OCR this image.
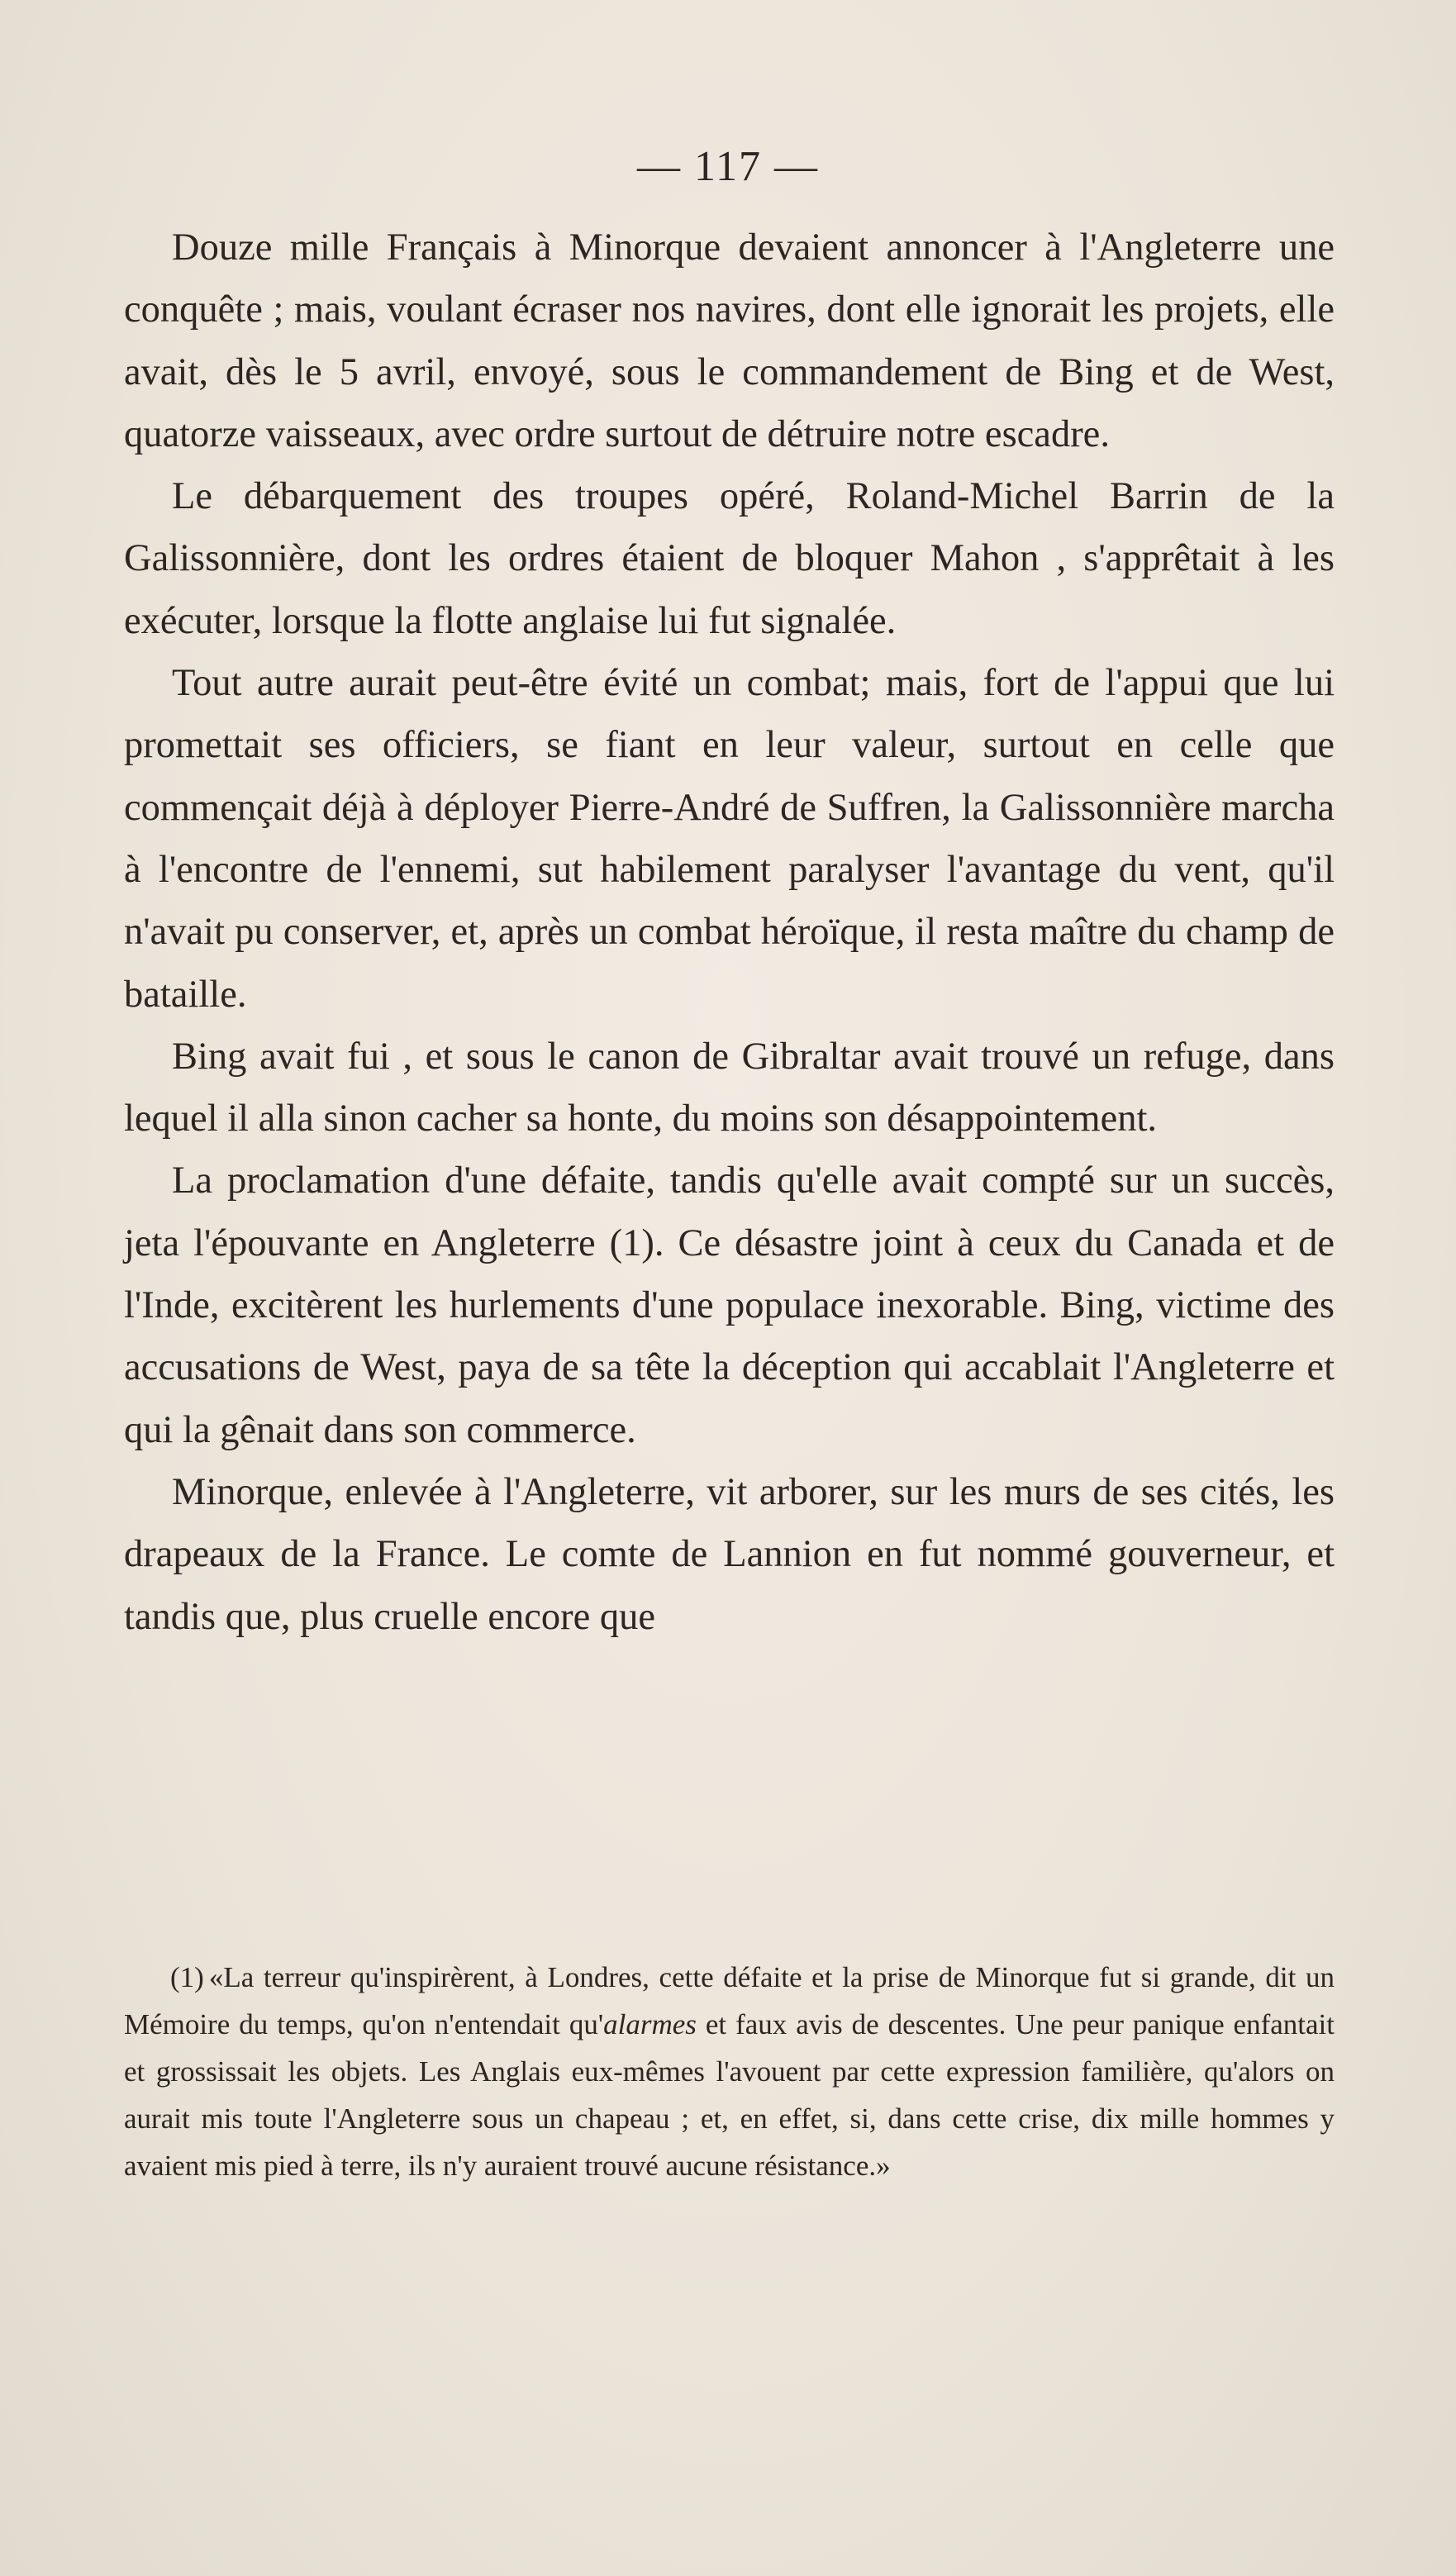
— 117 —

Douze mille Français à Minorque devaient annoncer à l'Angleterre une conquête ; mais, voulant écraser nos navires, dont elle ignorait les projets, elle avait, dès le 5 avril, envoyé, sous le commandement de Bing et de West, quatorze vaisseaux, avec ordre surtout de détruire notre escadre.

Le débarquement des troupes opéré, Roland-Michel Barrin de la Galissonnière, dont les ordres étaient de bloquer Mahon , s'apprêtait à les exécuter, lorsque la flotte anglaise lui fut signalée.

Tout autre aurait peut-être évité un combat; mais, fort de l'appui que lui promettait ses officiers, se fiant en leur valeur, surtout en celle que commençait déjà à déployer Pierre-André de Suffren, la Galissonnière marcha à l'encontre de l'ennemi, sut habilement paralyser l'avantage du vent, qu'il n'avait pu conserver, et, après un combat héroïque, il resta maître du champ de bataille.

Bing avait fui , et sous le canon de Gibraltar avait trouvé un refuge, dans lequel il alla sinon cacher sa honte, du moins son désappointement.

La proclamation d'une défaite, tandis qu'elle avait compté sur un succès, jeta l'épouvante en Angleterre (1). Ce désastre joint à ceux du Canada et de l'Inde, excitèrent les hurlements d'une populace inexorable. Bing, victime des accusations de West, paya de sa tête la déception qui accablait l'Angleterre et qui la gênait dans son commerce.

Minorque, enlevée à l'Angleterre, vit arborer, sur les murs de ses cités, les drapeaux de la France. Le comte de Lannion en fut nommé gouverneur, et tandis que, plus cruelle encore que

(1) «La terreur qu'inspirèrent, à Londres, cette défaite et la prise de Minorque fut si grande, dit un Mémoire du temps, qu'on n'entendait qu'alarmes et faux avis de descentes. Une peur panique enfantait et grossissait les objets. Les Anglais eux-mêmes l'avouent par cette expression familière, qu'alors on aurait mis toute l'Angleterre sous un chapeau ; et, en effet, si, dans cette crise, dix mille hommes y avaient mis pied à terre, ils n'y auraient trouvé aucune résistance.»
